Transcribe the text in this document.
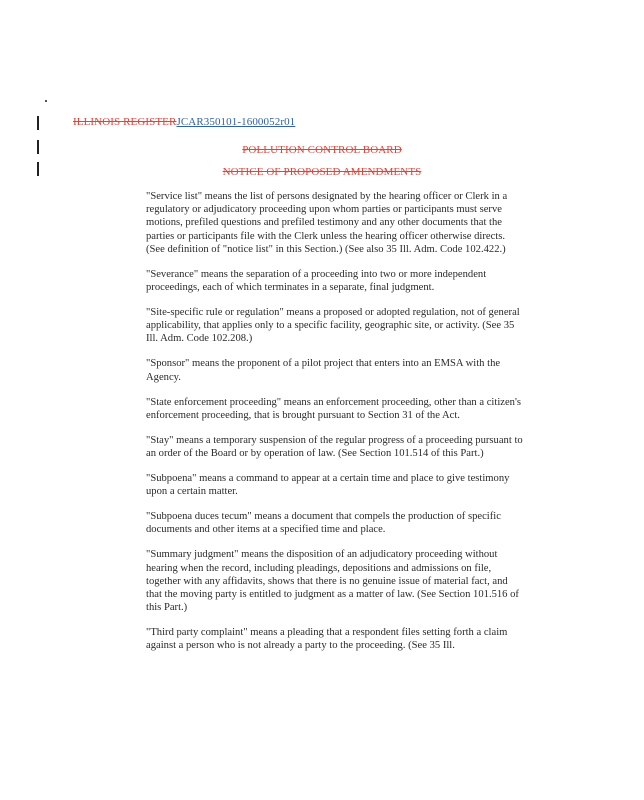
ILLINOIS REGISTERJCAR350101-1600052r01
POLLUTION CONTROL BOARD
NOTICE OF PROPOSED AMENDMENTS

"Service list" means the list of persons designated by the hearing officer or Clerk in a regulatory or adjudicatory proceeding upon whom parties or participants must serve motions, prefiled questions and prefiled testimony and any other documents that the parties or participants file with the Clerk unless the hearing officer otherwise directs. (See definition of "notice list" in this Section.) (See also 35 Ill. Adm. Code 102.422.)

"Severance" means the separation of a proceeding into two or more independent proceedings, each of which terminates in a separate, final judgment.

"Site-specific rule or regulation" means a proposed or adopted regulation, not of general applicability, that applies only to a specific facility, geographic site, or activity. (See 35 Ill. Adm. Code 102.208.)

"Sponsor" means the proponent of a pilot project that enters into an EMSA with the Agency.

"State enforcement proceeding" means an enforcement proceeding, other than a citizen's enforcement proceeding, that is brought pursuant to Section 31 of the Act.

"Stay" means a temporary suspension of the regular progress of a proceeding pursuant to an order of the Board or by operation of law. (See Section 101.514 of this Part.)

"Subpoena" means a command to appear at a certain time and place to give testimony upon a certain matter.

"Subpoena duces tecum" means a document that compels the production of specific documents and other items at a specified time and place.

"Summary judgment" means the disposition of an adjudicatory proceeding without hearing when the record, including pleadings, depositions and admissions on file, together with any affidavits, shows that there is no genuine issue of material fact, and that the moving party is entitled to judgment as a matter of law. (See Section 101.516 of this Part.)

"Third party complaint" means a pleading that a respondent files setting forth a claim against a person who is not already a party to the proceeding. (See 35 Ill.
